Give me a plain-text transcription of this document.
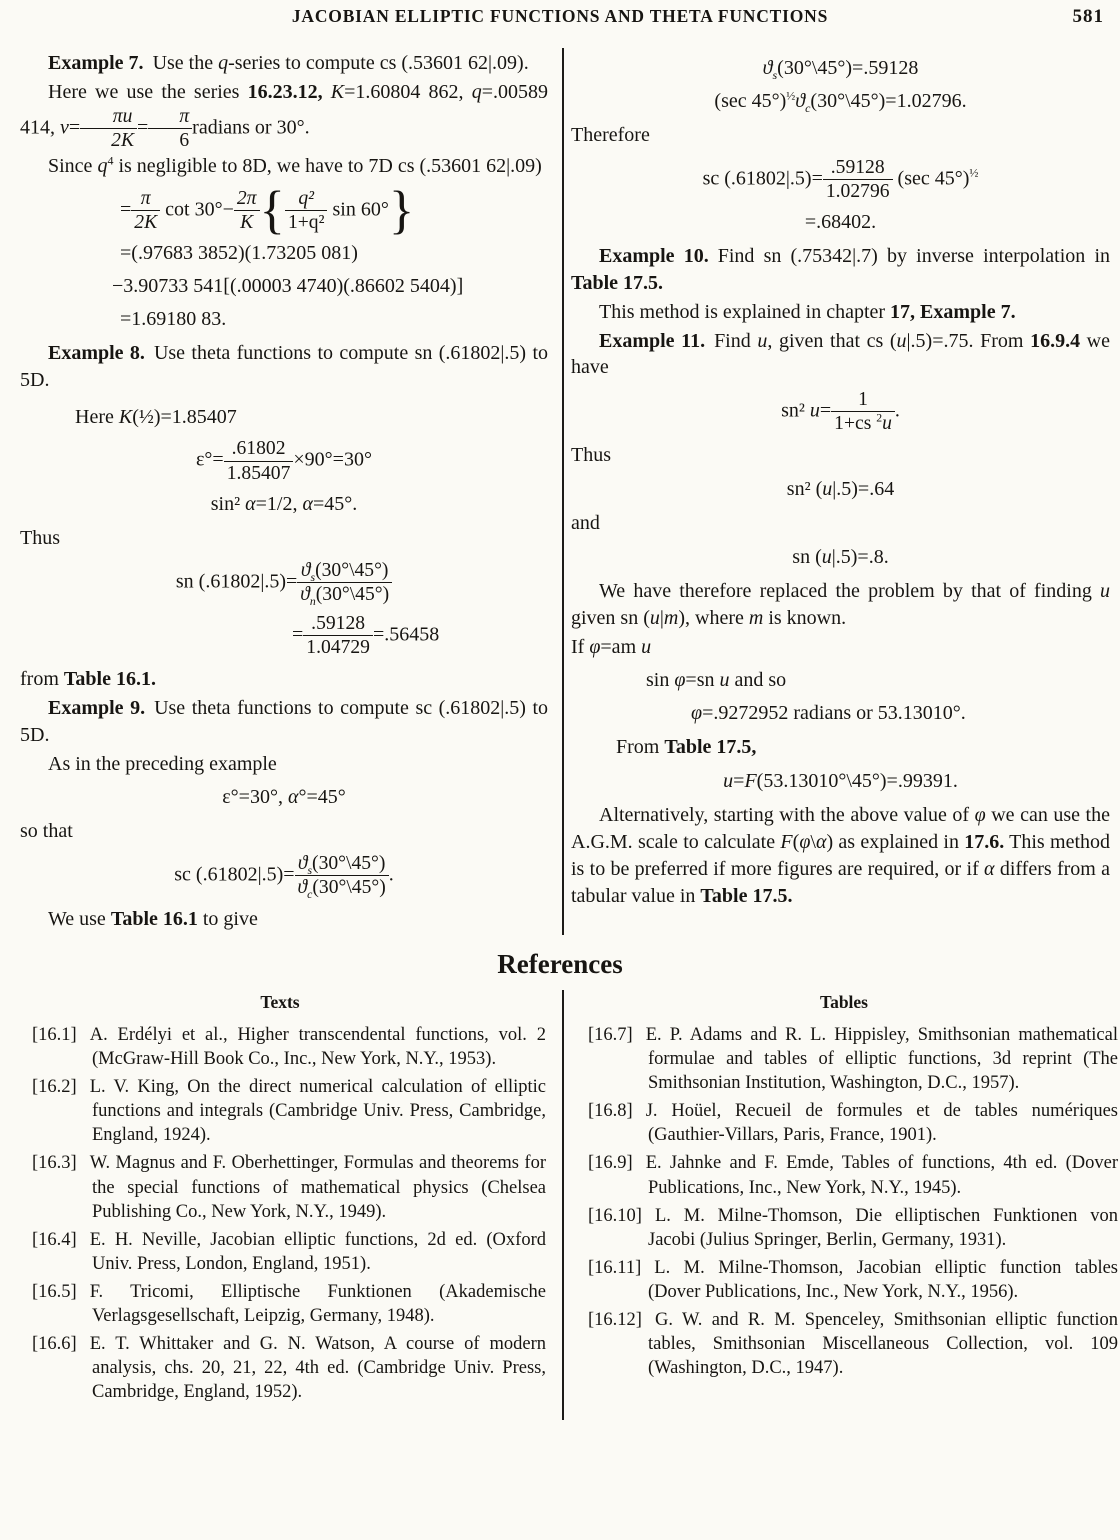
JACOBIAN ELLIPTIC FUNCTIONS AND THETA FUNCTIONS	581

Example 7. Use the q-series to compute cs (.53601 62|.09).

Here we use the series 16.23.12, K=1.60804 862, q=.00589 414, $v= \frac{\pi u}{2K} = \frac{\pi}{6}$ radians or 30°.

Since $q^4$ is negligible to 8D, we have to 7D cs (.53601 62|.09)

= $\frac{\pi}{2K}$ $\cot 30^\circ- \frac{2\pi}{K}$ { $\frac{\text{q²}}{\text{1+q²}}$ sin 60°}
=(.97683 3852)(1.73205 081)
−3.90733 541[(.00003 4740)(.86602 5404)]
=1.69180 83.

Example 8. Use theta functions to compute sn (.61802|.5) to 5D.

Here K(½)=1.85407

$\varepsilon^\circ= \frac{.61802}{1.85407} \times 90^\circ=30^\circ$
sin² α=1/2, α=45°.

Thus

sn $(.61802|.5)= \frac{ϑ_s(30^\circ\backslash 45^\circ)}{ϑ_n(30^\circ\backslash 45^\circ)}$
= $\frac{.59128}{1.04729} =.56458$

from Table 16.1.

Example 9. Use theta functions to compute sc (.61802|.5) to 5D.

As in the preceding example

ε°=30°, α°=45°

so that

sc $(.61802|.5)= \frac{ϑ_s(30^\circ\backslash 45^\circ)}{ϑ_c(30^\circ\backslash 45^\circ)}$ .

We use Table 16.1 to give

$ϑ_s(30^\circ\backslash 45^\circ)=.59128$
(sec $45^\circ)^{\frac{1}{2}}ϑ_c(30^\circ\backslash 45^\circ)=1.02796$.

Therefore

sc $(.61802|.5)= \frac{.59128}{1.02796} (\sec$ 45°)$^{\frac{1}{2}}$
=.68402.

Example 10. Find sn (.75342|.7) by inverse interpolation in Table 17.5.

This method is explained in chapter 17, Example 7.

Example 11. Find u, given that cs (u|.5)=.75. From 16.9.4 we have

sn² $u= \frac{1}{1+cs ^2u}$ .

Thus

sn² (u|.5)=.64

and

sn (u|.5)=.8.

We have therefore replaced the problem by that of finding u given sn (u|m), where m is known.

If φ=am u

sin φ=sn u and so
φ=.9272952 radians or 53.13010°.

From Table 17.5,

u=F(53.13010°\45°)=.99391.

Alternatively, starting with the above value of φ we can use the A.G.M. scale to calculate F(φ\α) as explained in 17.6. This method is to be preferred if more figures are required, or if α differs from a tabular value in Table 17.5.

References
Texts
[16.1] A. Erdélyi et al., Higher transcendental functions, vol. 2 (McGraw-Hill Book Co., Inc., New York, N.Y., 1953).
[16.2] L. V. King, On the direct numerical calculation of elliptic functions and integrals (Cambridge Univ. Press, Cambridge, England, 1924).
[16.3] W. Magnus and F. Oberhettinger, Formulas and theorems for the special functions of mathematical physics (Chelsea Publishing Co., New York, N.Y., 1949).
[16.4] E. H. Neville, Jacobian elliptic functions, 2d ed. (Oxford Univ. Press, London, England, 1951).
[16.5] F. Tricomi, Elliptische Funktionen (Akademische Verlagsgesellschaft, Leipzig, Germany, 1948).
[16.6] E. T. Whittaker and G. N. Watson, A course of modern analysis, chs. 20, 21, 22, 4th ed. (Cambridge Univ. Press, Cambridge, England, 1952).
Tables
[16.7] E. P. Adams and R. L. Hippisley, Smithsonian mathematical formulae and tables of elliptic functions, 3d reprint (The Smithsonian Institution, Washington, D.C., 1957).
[16.8] J. Hoüel, Recueil de formules et de tables numériques (Gauthier-Villars, Paris, France, 1901).
[16.9] E. Jahnke and F. Emde, Tables of functions, 4th ed. (Dover Publications, Inc., New York, N.Y., 1945).
[16.10] L. M. Milne-Thomson, Die elliptischen Funktionen von Jacobi (Julius Springer, Berlin, Germany, 1931).
[16.11] L. M. Milne-Thomson, Jacobian elliptic function tables (Dover Publications, Inc., New York, N.Y., 1956).
[16.12] G. W. and R. M. Spenceley, Smithsonian elliptic function tables, Smithsonian Miscellaneous Collection, vol. 109 (Washington, D.C., 1947).
